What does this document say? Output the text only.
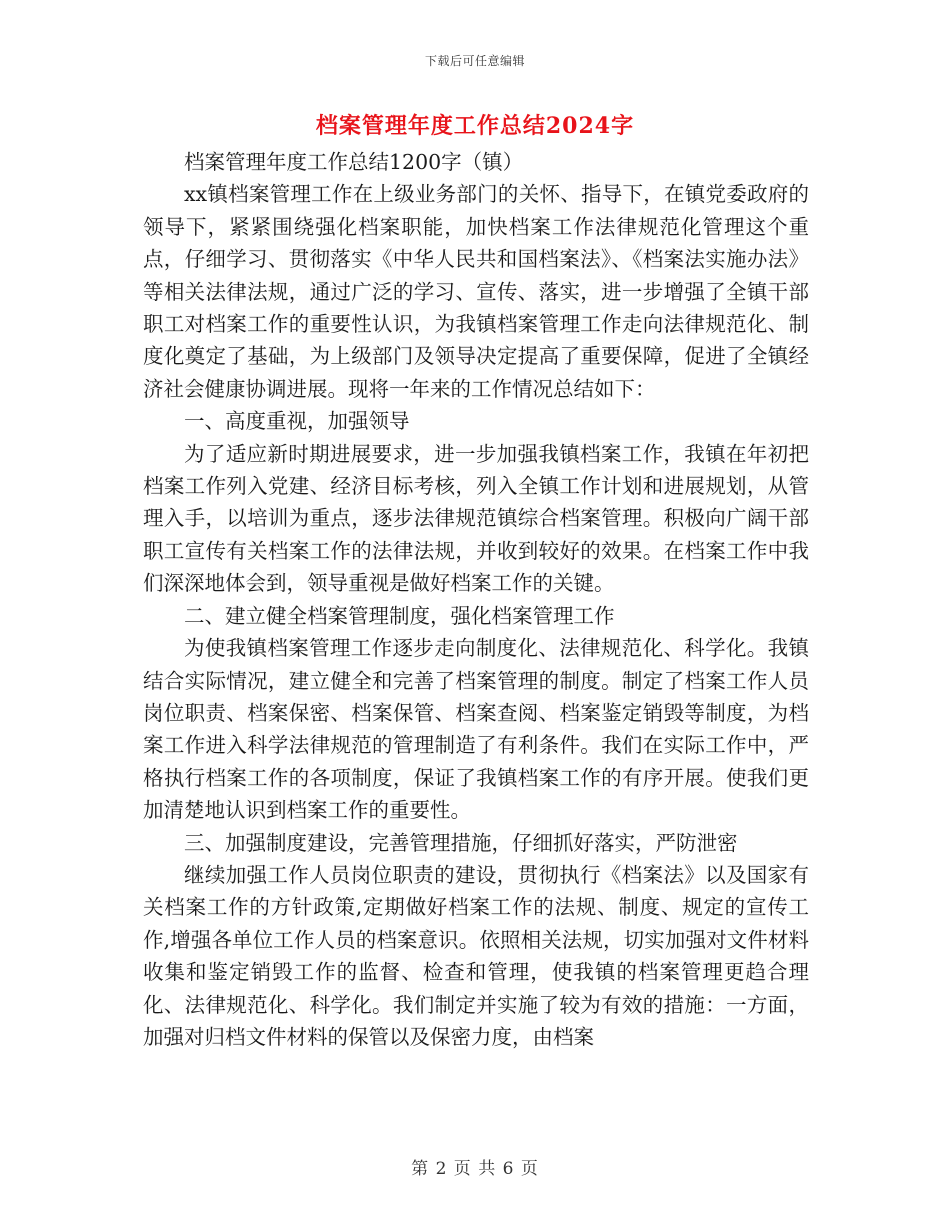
下载后可任意编辑
档案管理年度工作总结2024字

档案管理年度工作总结1200字（镇）

xx镇档案管理工作在上级业务部门的关怀、指导下，在镇党委政府的领导下，紧紧围绕强化档案职能，加快档案工作法律规范化管理这个重点，仔细学习、贯彻落实《中华人民共和国档案法》、《档案法实施办法》等相关法律法规，通过广泛的学习、宣传、落实，进一步增强了全镇干部职工对档案工作的重要性认识，为我镇档案管理工作走向法律规范化、制度化奠定了基础，为上级部门及领导决定提高了重要保障，促进了全镇经济社会健康协调进展。现将一年来的工作情况总结如下：

一、高度重视，加强领导

为了适应新时期进展要求，进一步加强我镇档案工作，我镇在年初把档案工作列入党建、经济目标考核，列入全镇工作计划和进展规划，从管理入手，以培训为重点，逐步法律规范镇综合档案管理。积极向广阔干部职工宣传有关档案工作的法律法规，并收到较好的效果。在档案工作中我们深深地体会到，领导重视是做好档案工作的关键。

二、建立健全档案管理制度，强化档案管理工作

为使我镇档案管理工作逐步走向制度化、法律规范化、科学化。我镇结合实际情况，建立健全和完善了档案管理的制度。制定了档案工作人员岗位职责、档案保密、档案保管、档案查阅、档案鉴定销毁等制度，为档案工作进入科学法律规范的管理制造了有利条件。我们在实际工作中，严格执行档案工作的各项制度，保证了我镇档案工作的有序开展。使我们更加清楚地认识到档案工作的重要性。

三、加强制度建设，完善管理措施，仔细抓好落实，严防泄密

继续加强工作人员岗位职责的建设，贯彻执行《档案法》以及国家有关档案工作的方针政策,定期做好档案工作的法规、制度、规定的宣传工作,增强各单位工作人员的档案意识。依照相关法规，切实加强对文件材料收集和鉴定销毁工作的监督、检查和管理，使我镇的档案管理更趋合理化、法律规范化、科学化。我们制定并实施了较为有效的措施：一方面，加强对归档文件材料的保管以及保密力度，由档案

第 2 页 共 6 页
